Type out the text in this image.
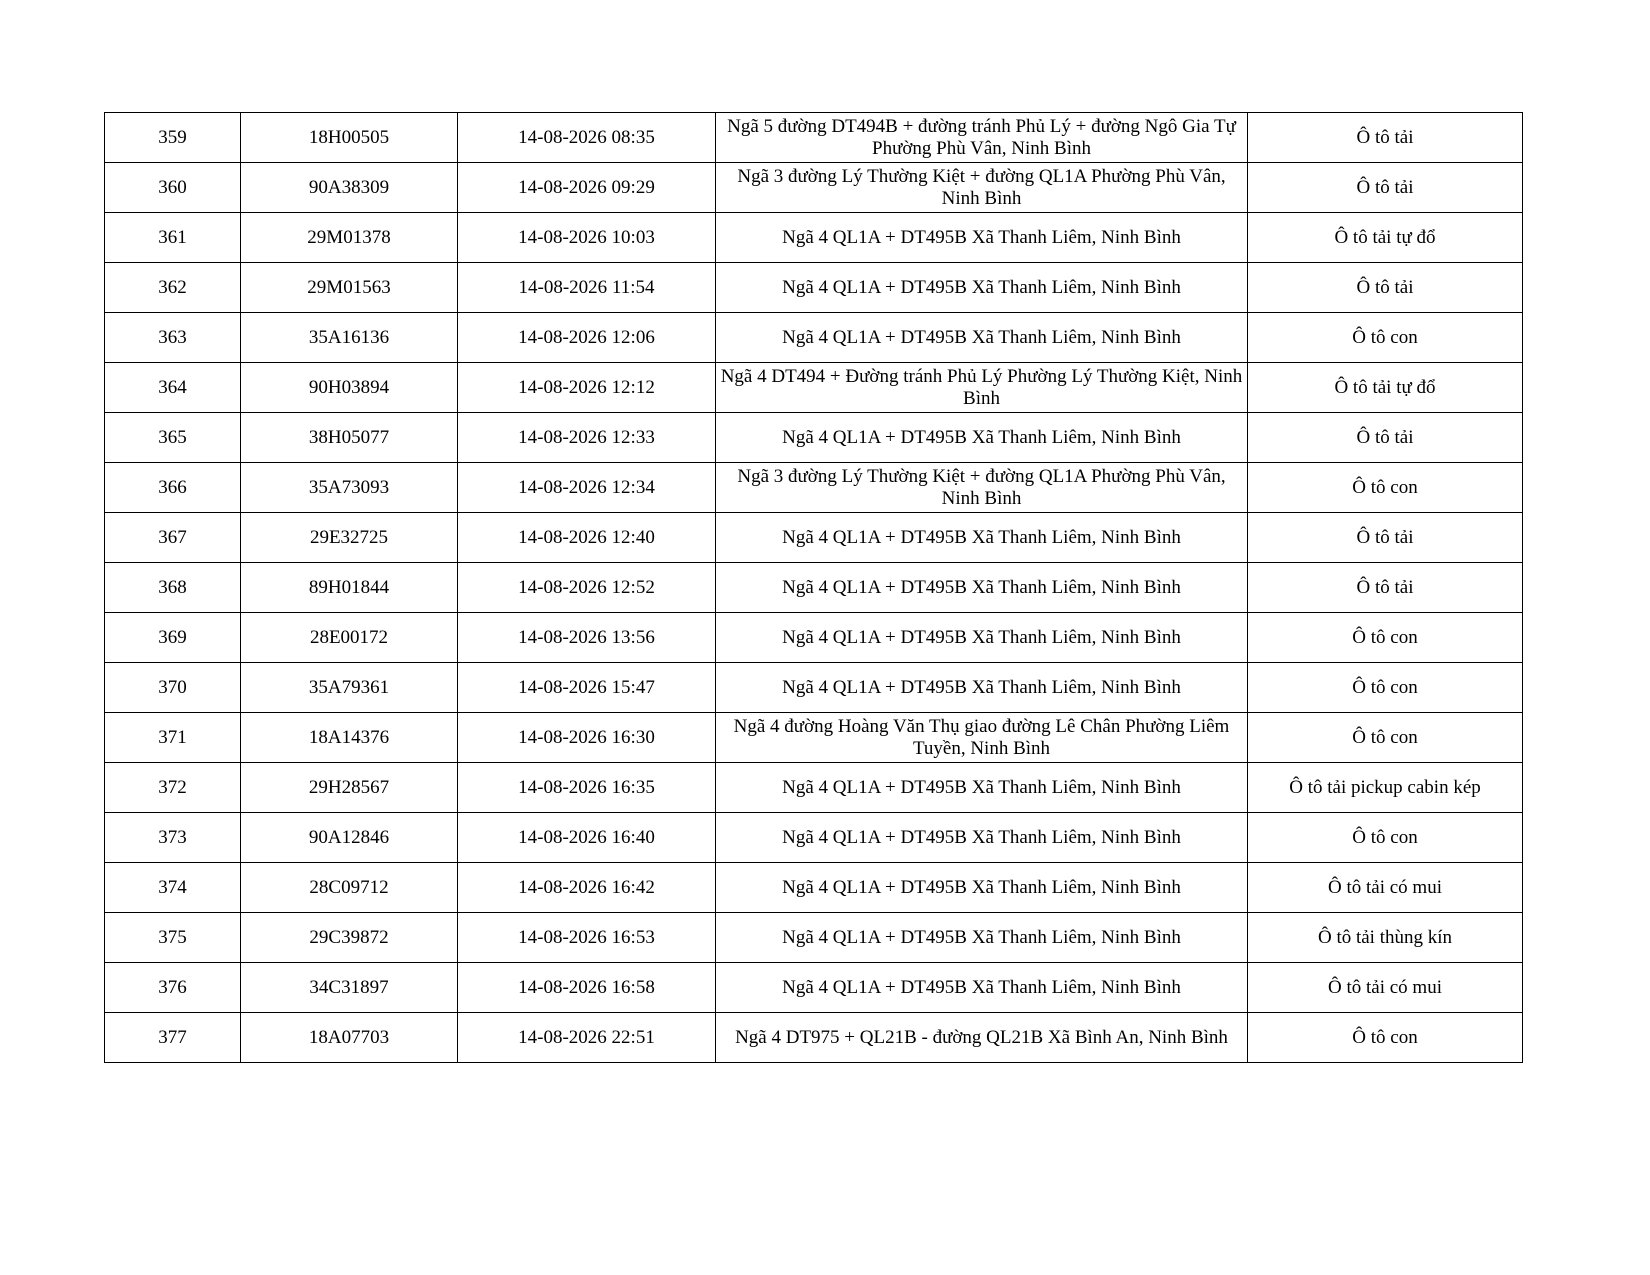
359	18H00505	14-08-2026 08:35	Ngã 5 đường DT494B + đường tránh Phủ Lý + đường Ngô Gia Tự Phường Phù Vân, Ninh Bình	Ô tô tải
360	90A38309	14-08-2026 09:29	Ngã 3 đường Lý Thường Kiệt + đường QL1A Phường Phù Vân, Ninh Bình	Ô tô tải
361	29M01378	14-08-2026 10:03	Ngã 4 QL1A + DT495B Xã Thanh Liêm, Ninh Bình	Ô tô tải tự đổ
362	29M01563	14-08-2026 11:54	Ngã 4 QL1A + DT495B Xã Thanh Liêm, Ninh Bình	Ô tô tải
363	35A16136	14-08-2026 12:06	Ngã 4 QL1A + DT495B Xã Thanh Liêm, Ninh Bình	Ô tô con
364	90H03894	14-08-2026 12:12	Ngã 4 DT494 + Đường tránh Phủ Lý Phường Lý Thường Kiệt, Ninh Bình	Ô tô tải tự đổ
365	38H05077	14-08-2026 12:33	Ngã 4 QL1A + DT495B Xã Thanh Liêm, Ninh Bình	Ô tô tải
366	35A73093	14-08-2026 12:34	Ngã 3 đường Lý Thường Kiệt + đường QL1A Phường Phù Vân, Ninh Bình	Ô tô con
367	29E32725	14-08-2026 12:40	Ngã 4 QL1A + DT495B Xã Thanh Liêm, Ninh Bình	Ô tô tải
368	89H01844	14-08-2026 12:52	Ngã 4 QL1A + DT495B Xã Thanh Liêm, Ninh Bình	Ô tô tải
369	28E00172	14-08-2026 13:56	Ngã 4 QL1A + DT495B Xã Thanh Liêm, Ninh Bình	Ô tô con
370	35A79361	14-08-2026 15:47	Ngã 4 QL1A + DT495B Xã Thanh Liêm, Ninh Bình	Ô tô con
371	18A14376	14-08-2026 16:30	Ngã 4 đường Hoàng Văn Thụ giao đường Lê Chân Phường Liêm Tuyền, Ninh Bình	Ô tô con
372	29H28567	14-08-2026 16:35	Ngã 4 QL1A + DT495B Xã Thanh Liêm, Ninh Bình	Ô tô tải pickup cabin kép
373	90A12846	14-08-2026 16:40	Ngã 4 QL1A + DT495B Xã Thanh Liêm, Ninh Bình	Ô tô con
374	28C09712	14-08-2026 16:42	Ngã 4 QL1A + DT495B Xã Thanh Liêm, Ninh Bình	Ô tô tải có mui
375	29C39872	14-08-2026 16:53	Ngã 4 QL1A + DT495B Xã Thanh Liêm, Ninh Bình	Ô tô tải thùng kín
376	34C31897	14-08-2026 16:58	Ngã 4 QL1A + DT495B Xã Thanh Liêm, Ninh Bình	Ô tô tải có mui
377	18A07703	14-08-2026 22:51	Ngã 4 DT975 + QL21B - đường QL21B Xã Bình An, Ninh Bình	Ô tô con
